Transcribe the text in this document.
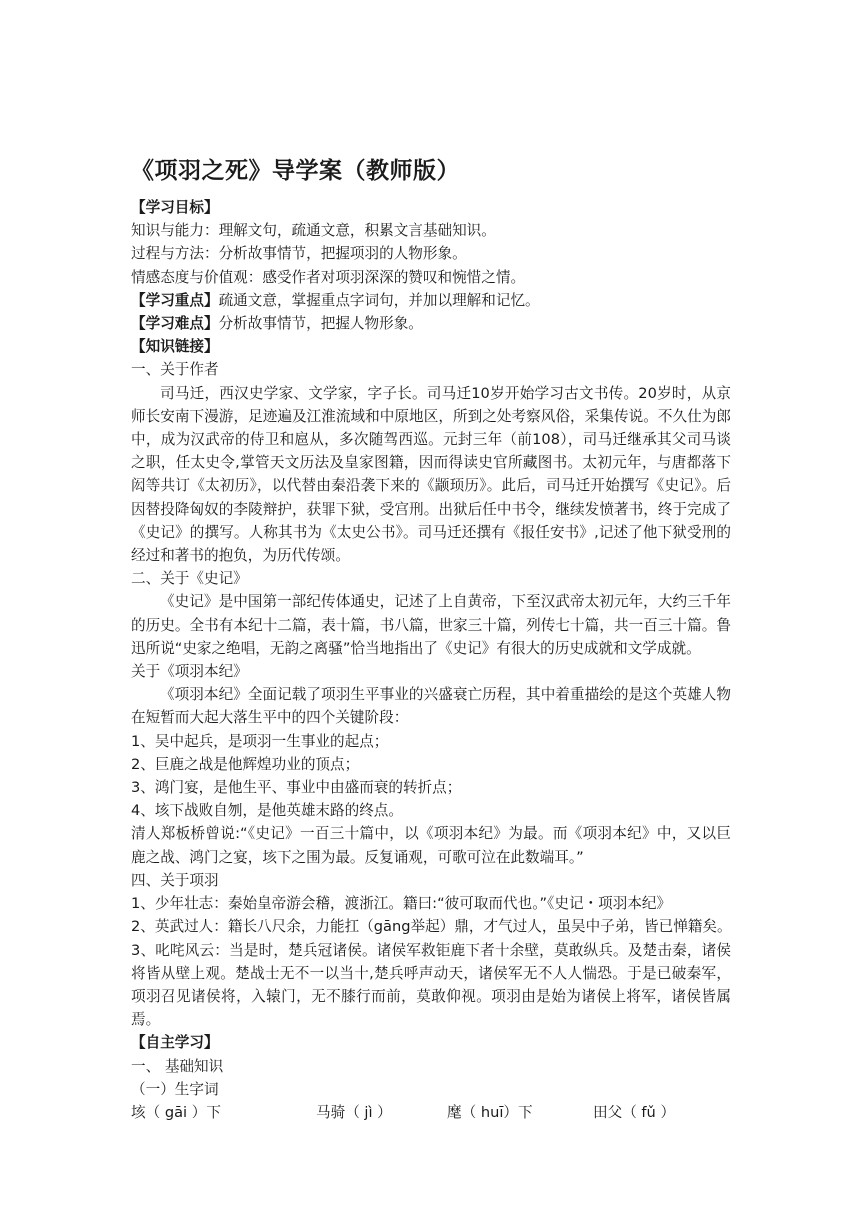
《项羽之死》导学案（教师版）
【学习目标】
知识与能力：理解文句，疏通文意，积累文言基础知识。
过程与方法：分析故事情节，把握项羽的人物形象。
情感态度与价值观：感受作者对项羽深深的赞叹和惋惜之情。
【学习重点】疏通文意，掌握重点字词句，并加以理解和记忆。
【学习难点】分析故事情节，把握人物形象。
【知识链接】
一、关于作者
司马迁，西汉史学家、文学家，字子长。司马迁10岁开始学习古文书传。20岁时，从京师长安南下漫游，足迹遍及江淮流域和中原地区，所到之处考察风俗，采集传说。不久仕为郎中，成为汉武帝的侍卫和扈从，多次随驾西巡。元封三年（前108），司马迁继承其父司马谈之职，任太史令,掌管天文历法及皇家图籍，因而得读史官所藏图书。太初元年，与唐都落下闳等共订《太初历》，以代替由秦沿袭下来的《颛顼历》。此后，司马迁开始撰写《史记》。后因替投降匈奴的李陵辩护，获罪下狱，受宫刑。出狱后任中书令，继续发愤著书，终于完成了《史记》的撰写。人称其书为《太史公书》。司马迁还撰有《报任安书》,记述了他下狱受刑的经过和著书的抱负，为历代传颂。
二、关于《史记》
《史记》是中国第一部纪传体通史，记述了上自黄帝，下至汉武帝太初元年，大约三千年的历史。全书有本纪十二篇，表十篇，书八篇，世家三十篇，列传七十篇，共一百三十篇。鲁迅所说“史家之绝唱，无韵之离骚”恰当地指出了《史记》有很大的历史成就和文学成就。
关于《项羽本纪》
《项羽本纪》全面记载了项羽生平事业的兴盛衰亡历程，其中着重描绘的是这个英雄人物在短暂而大起大落生平中的四个关键阶段：
1、吴中起兵，是项羽一生事业的起点；
2、巨鹿之战是他辉煌功业的顶点；
3、鸿门宴，是他生平、事业中由盛而衰的转折点；
4、垓下战败自刎，是他英雄末路的终点。
清人郑板桥曾说:“《史记》一百三十篇中，以《项羽本纪》为最。而《项羽本纪》中，又以巨鹿之战、鸿门之宴，垓下之围为最。反复诵观，可歌可泣在此数端耳。”
四、关于项羽
1、少年壮志：秦始皇帝游会稽，渡浙江。籍曰:“彼可取而代也。”《史记・项羽本纪》
2、英武过人：籍长八尺余，力能扛（gāng举起）鼎，才气过人，虽吴中子弟，皆已惮籍矣。
3、叱咤风云：当是时，楚兵冠诸侯。诸侯军救钜鹿下者十余壁，莫敢纵兵。及楚击秦，诸侯将皆从壁上观。楚战士无不一以当十,楚兵呼声动天，诸侯军无不人人惴恐。于是已破秦军，项羽召见诸侯将，入辕门，无不膝行而前，莫敢仰视。项羽由是始为诸侯上将军，诸侯皆属焉。
【自主学习】
一、 基础知识
（一）生字词
垓（ gāi ）下	马骑（ jì ）	麾（ huī）下	田父（ fǔ ）
